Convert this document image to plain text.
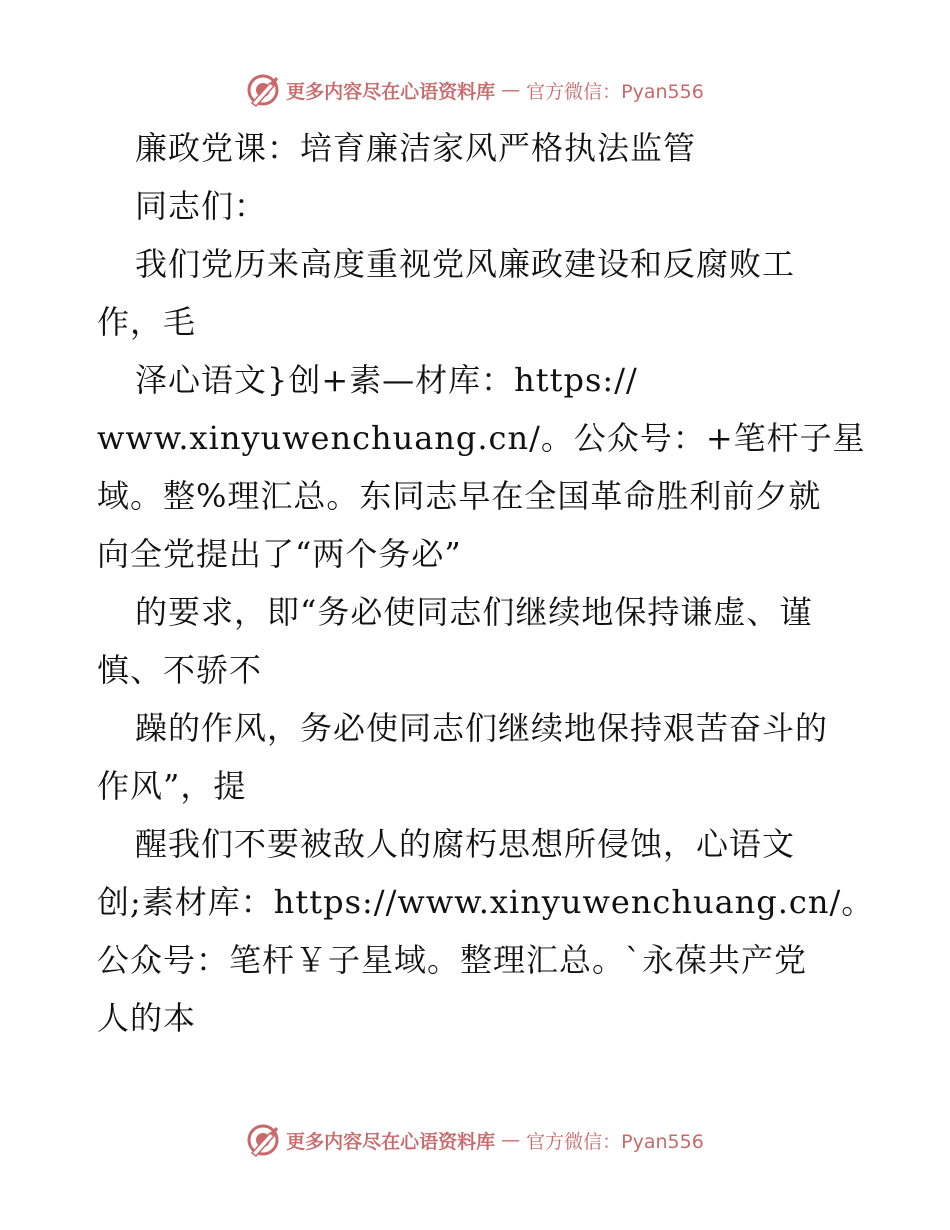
更多内容尽在心语资料库 — 官方微信：Pyan556
廉政党课：培育廉洁家风严格执法监管
同志们：
我们党历来高度重视党风廉政建设和反腐败工
作，毛
泽心语文}创+素—材库：https://
www.xinyuwenchuang.cn/。公众号：+笔杆子星
域。整%理汇总。东同志早在全国革命胜利前夕就
向全党提出了“两个务必”
的要求，即“务必使同志们继续地保持谦虚、谨
慎、不骄不
躁的作风，务必使同志们继续地保持艰苦奋斗的
作风”，提
醒我们不要被敌人的腐朽思想所侵蚀，心语文
创;素材库：https://www.xinyuwenchuang.cn/。
公众号：笔杆￥子星域。整理汇总。`永葆共产党
人的本
更多内容尽在心语资料库 — 官方微信：Pyan556
